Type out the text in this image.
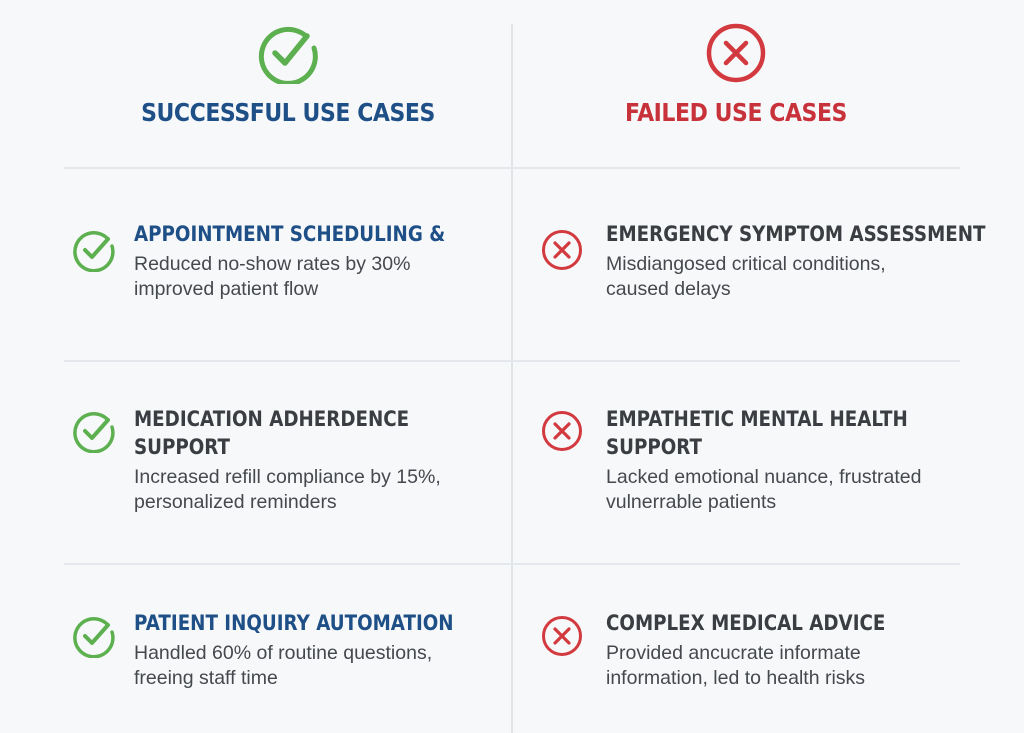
SUCCESSFUL USE CASES	FAILED USE CASES
APPOINTMENT SCHEDULING &
Reduced no-show rates by 30% improved patient flow
MEDICATION ADHERDENCE
SUPPORT
Increased refill compliance by 15%, personalized reminders
PATIENT INQUIRY AUTOMATION
Handled 60% of routine questions, freeing staff time
EMERGENCY SYMPTOM ASSESSMENT
Misdiangosed critical conditions, caused delays
EMPATHETIC MENTAL HEALTH
SUPPORT
Lacked emotional nuance, frustrated vulnerrable patients
COMPLEX MEDICAL ADVICE
Provided ancucrate informate information, led to health risks
